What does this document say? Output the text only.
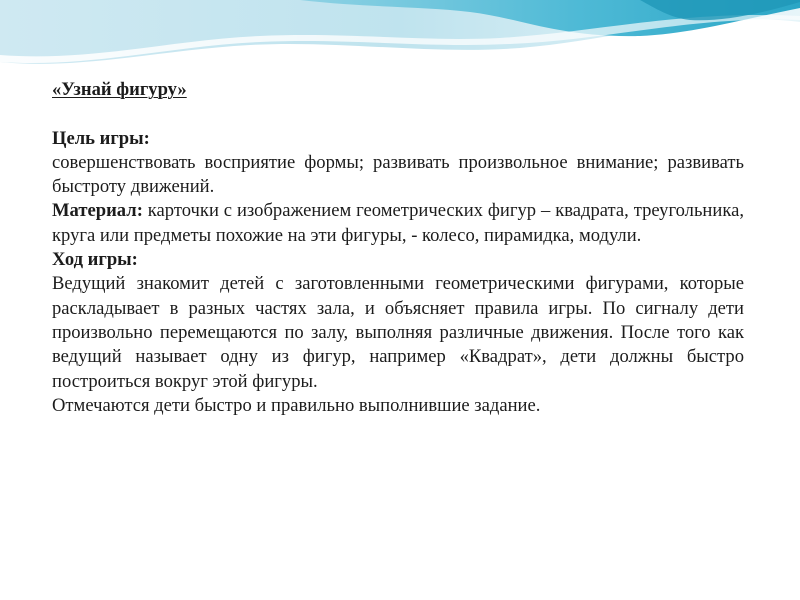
«Узнай фигуру»

Цель игры:

совершенствовать восприятие формы; развивать произвольное внимание; развивать быстроту движений.

Материал: карточки с изображением геометрических фигур – квадрата, треугольника, круга или предметы похожие на эти фигуры, - колесо, пирамидка, модули.

Ход игры:

Ведущий знакомит детей с заготовленными геометрическими фигурами, которые раскладывает в разных частях зала, и объясняет правила игры. По сигналу дети произвольно перемещаются по залу, выполняя различные движения. После того как ведущий называет одну из фигур, например «Квадрат», дети должны быстро построиться вокруг этой фигуры.

Отмечаются дети быстро и правильно выполнившие задание.
